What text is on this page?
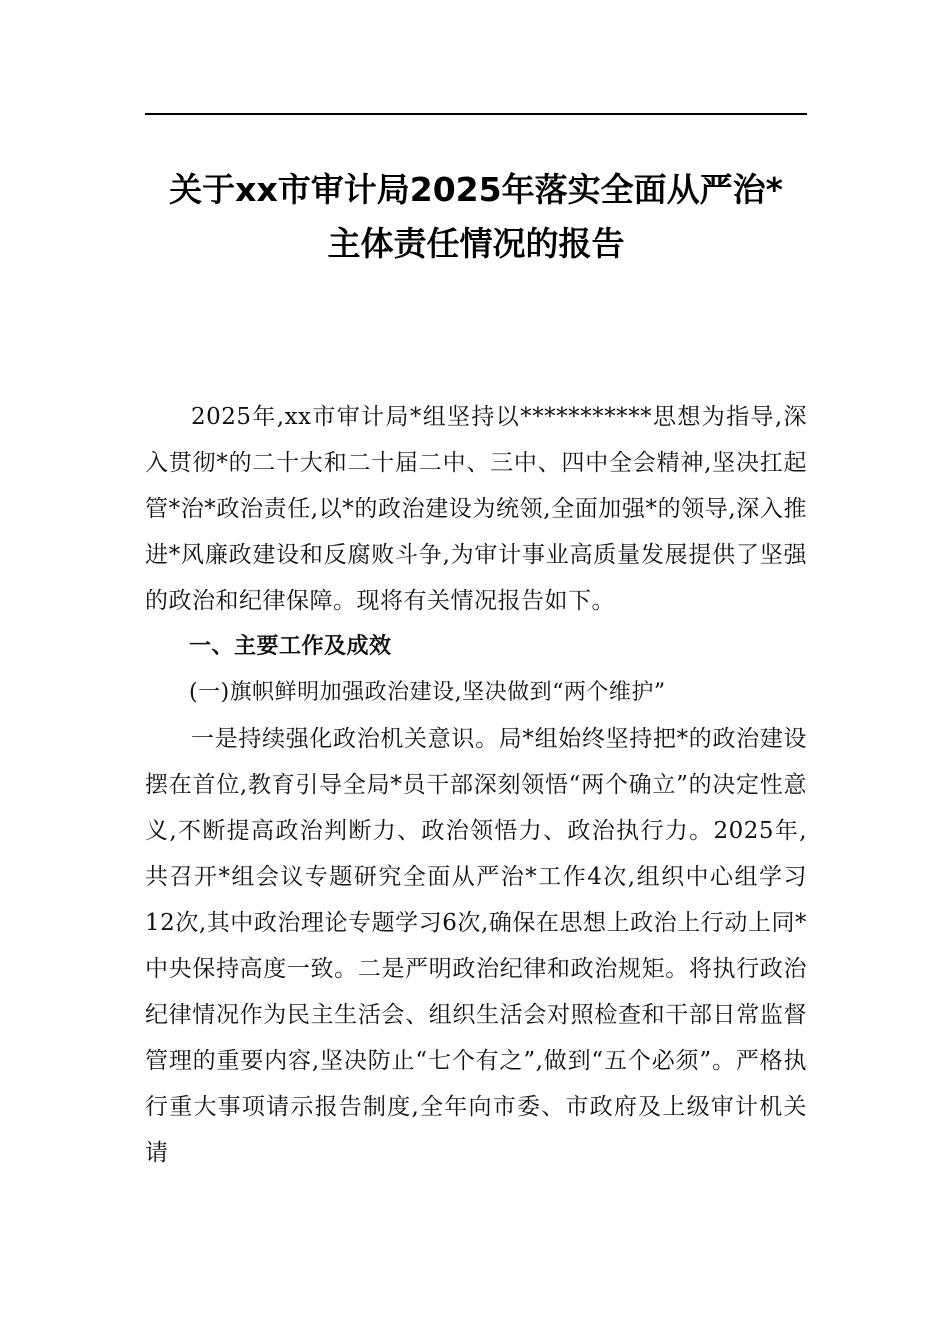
关于xx市审计局2025年落实全面从严治*
主体责任情况的报告

2025年,xx市审计局*组坚持以***********思想为指导,深入贯彻*的二十大和二十届二中、三中、四中全会精神,坚决扛起管*治*政治责任,以*的政治建设为统领,全面加强*的领导,深入推进*风廉政建设和反腐败斗争,为审计事业高质量发展提供了坚强的政治和纪律保障。现将有关情况报告如下。

一、主要工作及成效

(一)旗帜鲜明加强政治建设,坚决做到“两个维护”

一是持续强化政治机关意识。局*组始终坚持把*的政治建设摆在首位,教育引导全局*员干部深刻领悟“两个确立”的决定性意义,不断提高政治判断力、政治领悟力、政治执行力。2025年,共召开*组会议专题研究全面从严治*工作4次,组织中心组学习12次,其中政治理论专题学习6次,确保在思想上政治上行动上同*中央保持高度一致。二是严明政治纪律和政治规矩。将执行政治纪律情况作为民主生活会、组织生活会对照检查和干部日常监督管理的重要内容,坚决防止“七个有之”,做到“五个必须”。严格执行重大事项请示报告制度,全年向市委、市政府及上级审计机关请
